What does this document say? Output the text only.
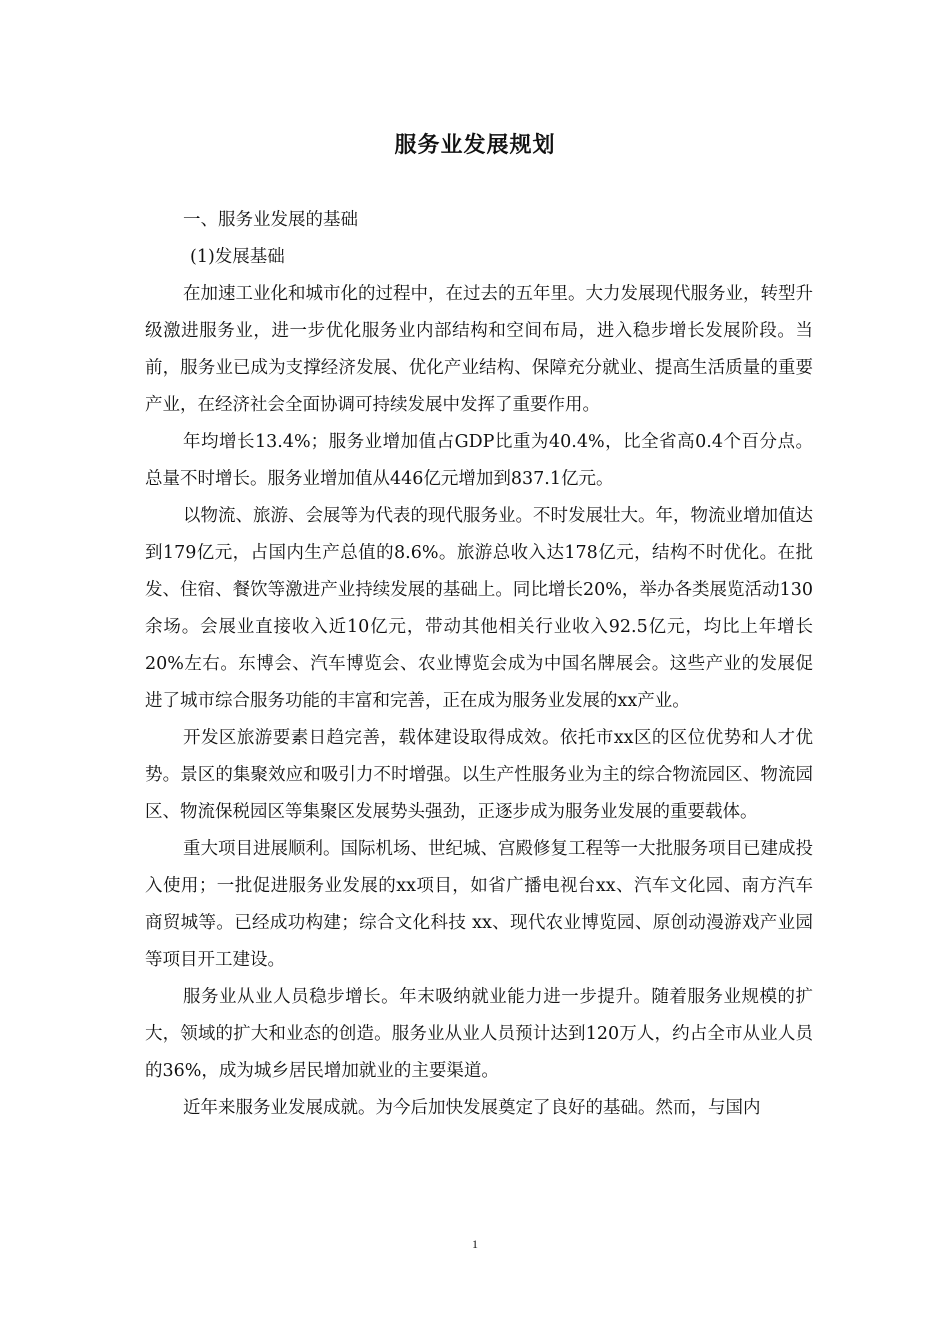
服务业发展规划

一、服务业发展的基础

(1)发展基础

在加速工业化和城市化的过程中，在过去的五年里。大力发展现代服务业，转型升级激进服务业，进一步优化服务业内部结构和空间布局，进入稳步增长发展阶段。当前，服务业已成为支撑经济发展、优化产业结构、保障充分就业、提高生活质量的重要产业，在经济社会全面协调可持续发展中发挥了重要作用。

年均增长13.4%；服务业增加值占GDP比重为40.4%，比全省高0.4个百分点。总量不时增长。服务业增加值从446亿元增加到837.1亿元。

以物流、旅游、会展等为代表的现代服务业。不时发展壮大。年，物流业增加值达到179亿元，占国内生产总值的8.6%。旅游总收入达178亿元，结构不时优化。在批发、住宿、餐饮等激进产业持续发展的基础上。同比增长20%，举办各类展览活动130余场。会展业直接收入近10亿元，带动其他相关行业收入92.5亿元，均比上年增长20%左右。东博会、汽车博览会、农业博览会成为中国名牌展会。这些产业的发展促进了城市综合服务功能的丰富和完善，正在成为服务业发展的xx产业。

开发区旅游要素日趋完善，载体建设取得成效。依托市xx区的区位优势和人才优势。景区的集聚效应和吸引力不时增强。以生产性服务业为主的综合物流园区、物流园区、物流保税园区等集聚区发展势头强劲，正逐步成为服务业发展的重要载体。

重大项目进展顺利。国际机场、世纪城、宫殿修复工程等一大批服务项目已建成投入使用；一批促进服务业发展的xx项目，如省广播电视台xx、汽车文化园、南方汽车商贸城等。已经成功构建；综合文化科技 xx、现代农业博览园、原创动漫游戏产业园等项目开工建设。

服务业从业人员稳步增长。年末吸纳就业能力进一步提升。随着服务业规模的扩大，领域的扩大和业态的创造。服务业从业人员预计达到120万人，约占全市从业人员的36%，成为城乡居民增加就业的主要渠道。

近年来服务业发展成就。为今后加快发展奠定了良好的基础。然而，与国内

1
